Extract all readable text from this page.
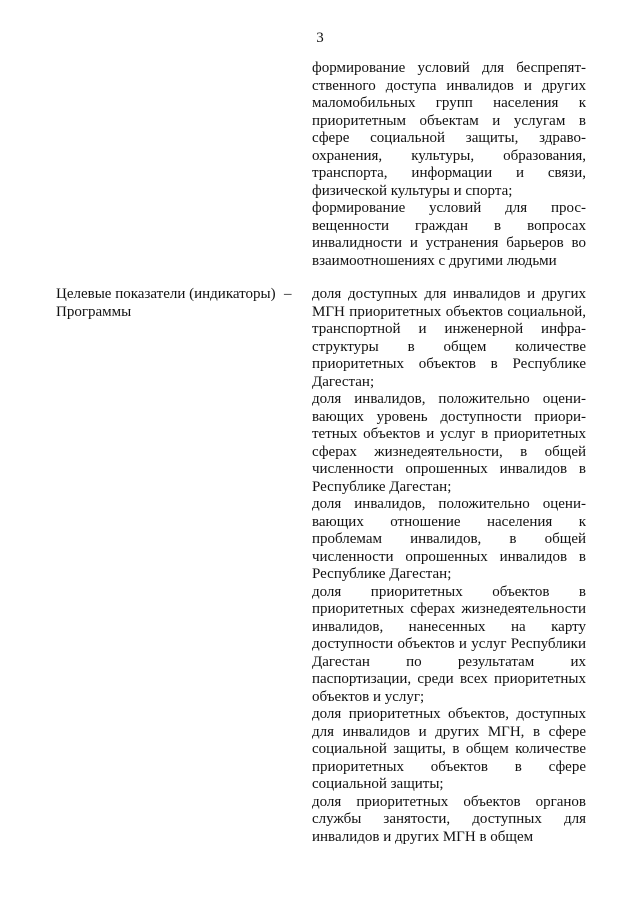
3

формирование условий для беспрепятственного доступа инвалидов и других маломобильных групп населения к приоритетным объектам и услугам в сфере социальной защиты, здравоохранения, культуры, образования, транспорта, информации и связи, физической культуры и спорта;

формирование условий для просвещенности граждан в вопросах инвалидности и устранения барьеров во взаимоотношениях с другими людьми

Целевые показатели (индикаторы) Программы
– доля доступных для инвалидов и других МГН приоритетных объектов социальной, транспортной и инженерной инфраструктуры в общем количестве приоритетных объектов в Республике Дагестан;

доля инвалидов, положительно оценивающих уровень доступности приоритетных объектов и услуг в приоритетных сферах жизнедеятельности, в общей численности опрошенных инвалидов в Республике Дагестан;

доля инвалидов, положительно оценивающих отношение населения к проблемам инвалидов, в общей численности опрошенных инвалидов в Республике Дагестан;

доля приоритетных объектов в приоритетных сферах жизнедеятельности инвалидов, нанесенных на карту доступности объектов и услуг Республики Дагестан по результатам их паспортизации, среди всех приоритетных объектов и услуг;

доля приоритетных объектов, доступных для инвалидов и других МГН, в сфере социальной защиты, в общем количестве приоритетных объектов в сфере социальной защиты;

доля приоритетных объектов органов службы занятости, доступных для инвалидов и других МГН в общем
